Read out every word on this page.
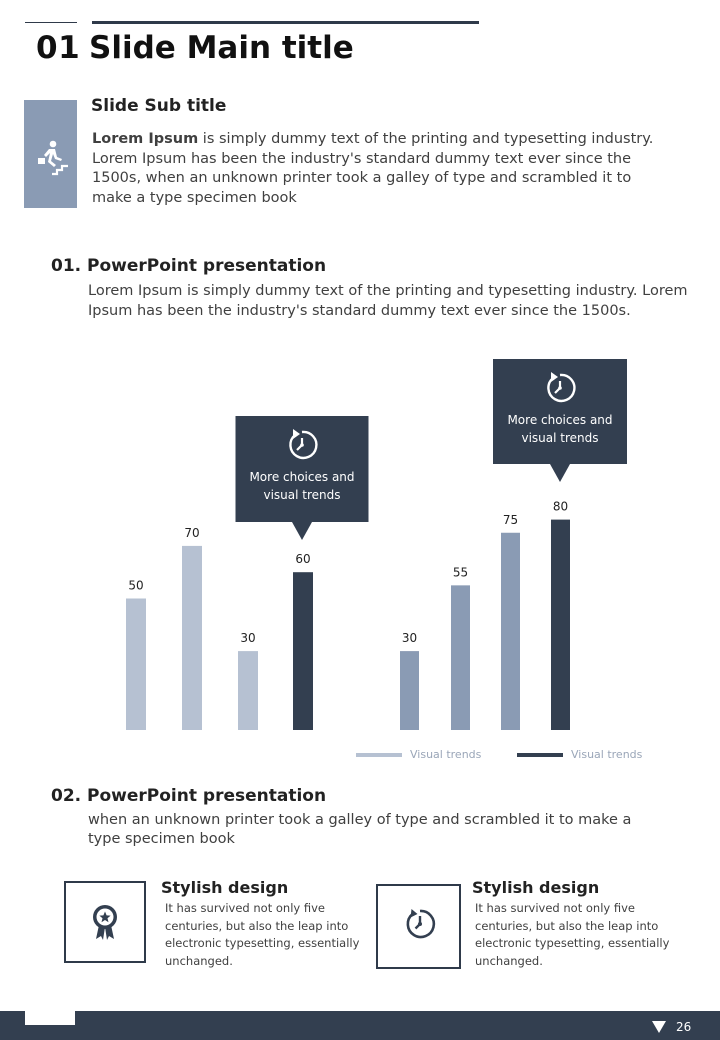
01 Slide Main title
Slide Sub title
Lorem Ipsum is simply dummy text of the printing and typesetting industry. Lorem Ipsum has been the industry's standard dummy text ever since the 1500s, when an unknown printer took a galley of type and scrambled it to make a type specimen book
01. PowerPoint presentation
Lorem Ipsum is simply dummy text of the printing and typesetting industry. Lorem Ipsum has been the industry's standard dummy text ever since the 1500s.
50
70
30
60
More choices and
visual trends
30
55
75
80
More choices and
visual trends
Visual trends	Visual trends
02. PowerPoint presentation
when an unknown printer took a galley of type and scrambled it to make a type specimen book
Stylish design
It has survived not only five centuries, but also the leap into electronic typesetting, essentially unchanged.
Stylish design
It has survived not only five centuries, but also the leap into electronic typesetting, essentially unchanged.
26
